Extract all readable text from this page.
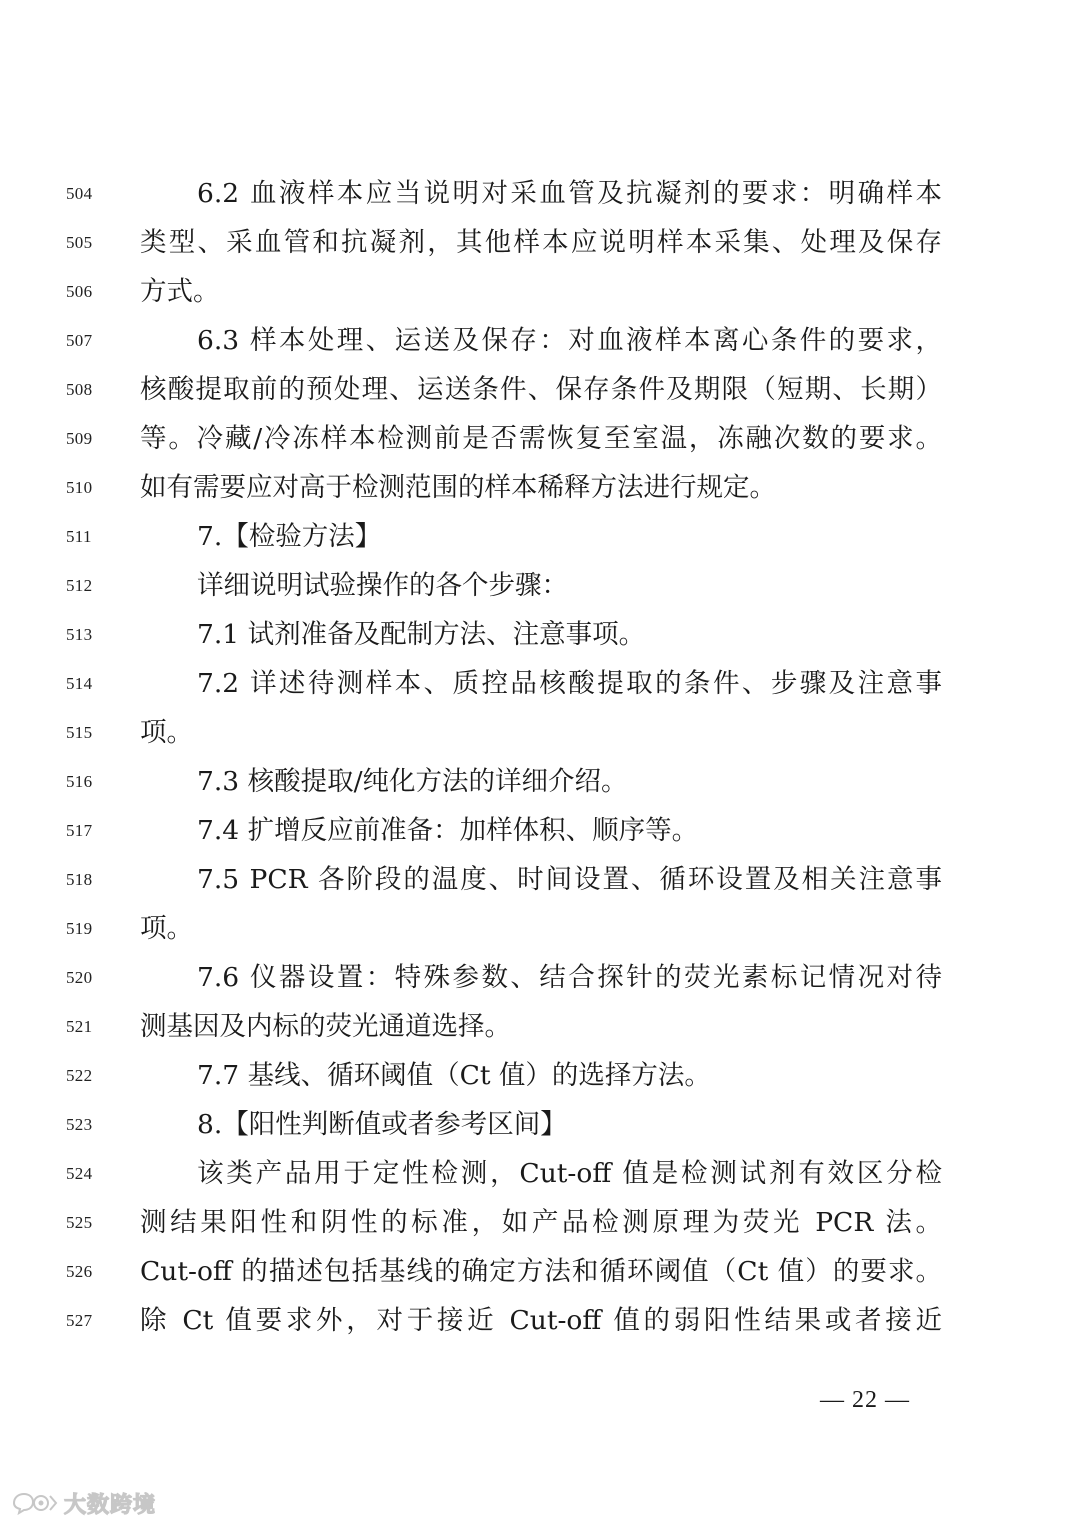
504	6.2 血液样本应当说明对采血管及抗凝剂的要求：明确样本
505	类型、采血管和抗凝剂，其他样本应说明样本采集、处理及保存
506	方式。
507	6.3 样本处理、运送及保存：对血液样本离心条件的要求，
508	核酸提取前的预处理、运送条件、保存条件及期限（短期、长期）
509	等。冷藏/冷冻样本检测前是否需恢复至室温，冻融次数的要求。
510	如有需要应对高于检测范围的样本稀释方法进行规定。
511	7.【检验方法】
512	详细说明试验操作的各个步骤：
513	7.1 试剂准备及配制方法、注意事项。
514	7.2 详述待测样本、质控品核酸提取的条件、步骤及注意事
515	项。
516	7.3 核酸提取/纯化方法的详细介绍。
517	7.4 扩增反应前准备：加样体积、顺序等。
518	7.5 PCR 各阶段的温度、时间设置、循环设置及相关注意事
519	项。
520	7.6 仪器设置：特殊参数、结合探针的荧光素标记情况对待
521	测基因及内标的荧光通道选择。
522	7.7 基线、循环阈值（Ct 值）的选择方法。
523	8.【阳性判断值或者参考区间】
524	该类产品用于定性检测，Cut-off 值是检测试剂有效区分检
525	测结果阳性和阴性的标准，如产品检测原理为荧光 PCR 法。
526	Cut-off 的描述包括基线的确定方法和循环阈值（Ct 值）的要求。
527	除 Ct 值要求外，对于接近 Cut-off 值的弱阳性结果或者接近
— 22 —
大数跨境
